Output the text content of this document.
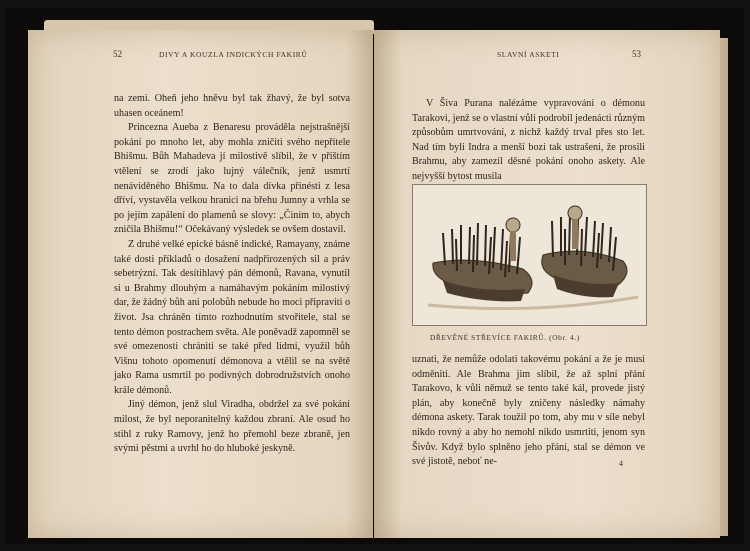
52	DIVY A KOUZLA INDICKÝCH FAKIRŮ

na zemi. Oheň jeho hněvu byl tak žhavý, že byl sotva uhasen oceánem!

Princezna Aueba z Benaresu prováděla nejstrašnější pokání po mnoho let, aby mohla zničiti svého nepřítele Bhišmu. Bůh Mahadeva jí milostivě slíbil, že v příštím vtělení se zrodí jako lujný válečník, jenž usmrtí nenáviděného Bhišmu. Na to dala dívka přinésti z lesa dříví, vystavěla velkou hranici na břehu Jumny a vrhla se po jejím zapálení do plamenů se slovy: „Činím to, abych zničila Bhišmu!“ Očekávaný výsledek se ovšem dostavil.

Z druhé velké epické básně indické, Ramayany, známe také dosti příkladů o dosažení nadpřirozených sil a práv sebetrýzní. Tak desítihlavý pán démonů, Ravana, vynutil si u Brahmy dlouhým a namáhavým pokáním milostivý dar, že žádný bůh ani polobůh nebude ho moci připraviti o život. Jsa chráněn tímto rozhodnutím stvořitele, stal se tento démon postrachem světa. Ale poněvadž zapomněl se své omezenosti chrániti se také před lidmi, využil bůh Višnu tohoto opomenutí démonova a vtělil se na světě jako Rama usmrtil po podivných dobrodružstvích onoho krále démonů.

Jiný démon, jenž slul Viradha, obdržel za své pokání milost, že byl neporanitelný každou zbraní. Ale osud ho stihl z ruky Ramovy, jenž ho přemohl beze zbraně, jen svými pěstmi a uvrhl ho do hluboké jeskyně.

SLAVNÍ ASKETI	53

V Šiva Purana nalézáme vypravování o démonu Tarakovi, jenž se o vlastní vůli podrobil jedenácti různým způsobům umrtvování, z nichž každý trval přes sto let. Nad tím byli Indra a menší bozi tak ustrašeni, že prosili Brahmu, aby zamezil děsné pokání onoho askety. Ale nejvyšší bytost musila

DŘEVĚNÉ STŘEVÍCE FAKIRŮ. (Obr. 4.)

uznati, že nemůže odolati takovému pokání a že je musí odměniti. Ale Brahma jim slíbil, že až splní přání Tarakovo, k vůli němuž se tento také kál, provede jistý plán, aby konečně byly zničeny následky námahy démona askety. Tarak toužil po tom, aby mu v síle nebyl nikdo rovný a aby ho nemohl nikdo usmrtiti, jenom syn Šivův. Když bylo splněno jeho přání, stal se démon ve své jistotě, neboť ne-	4
